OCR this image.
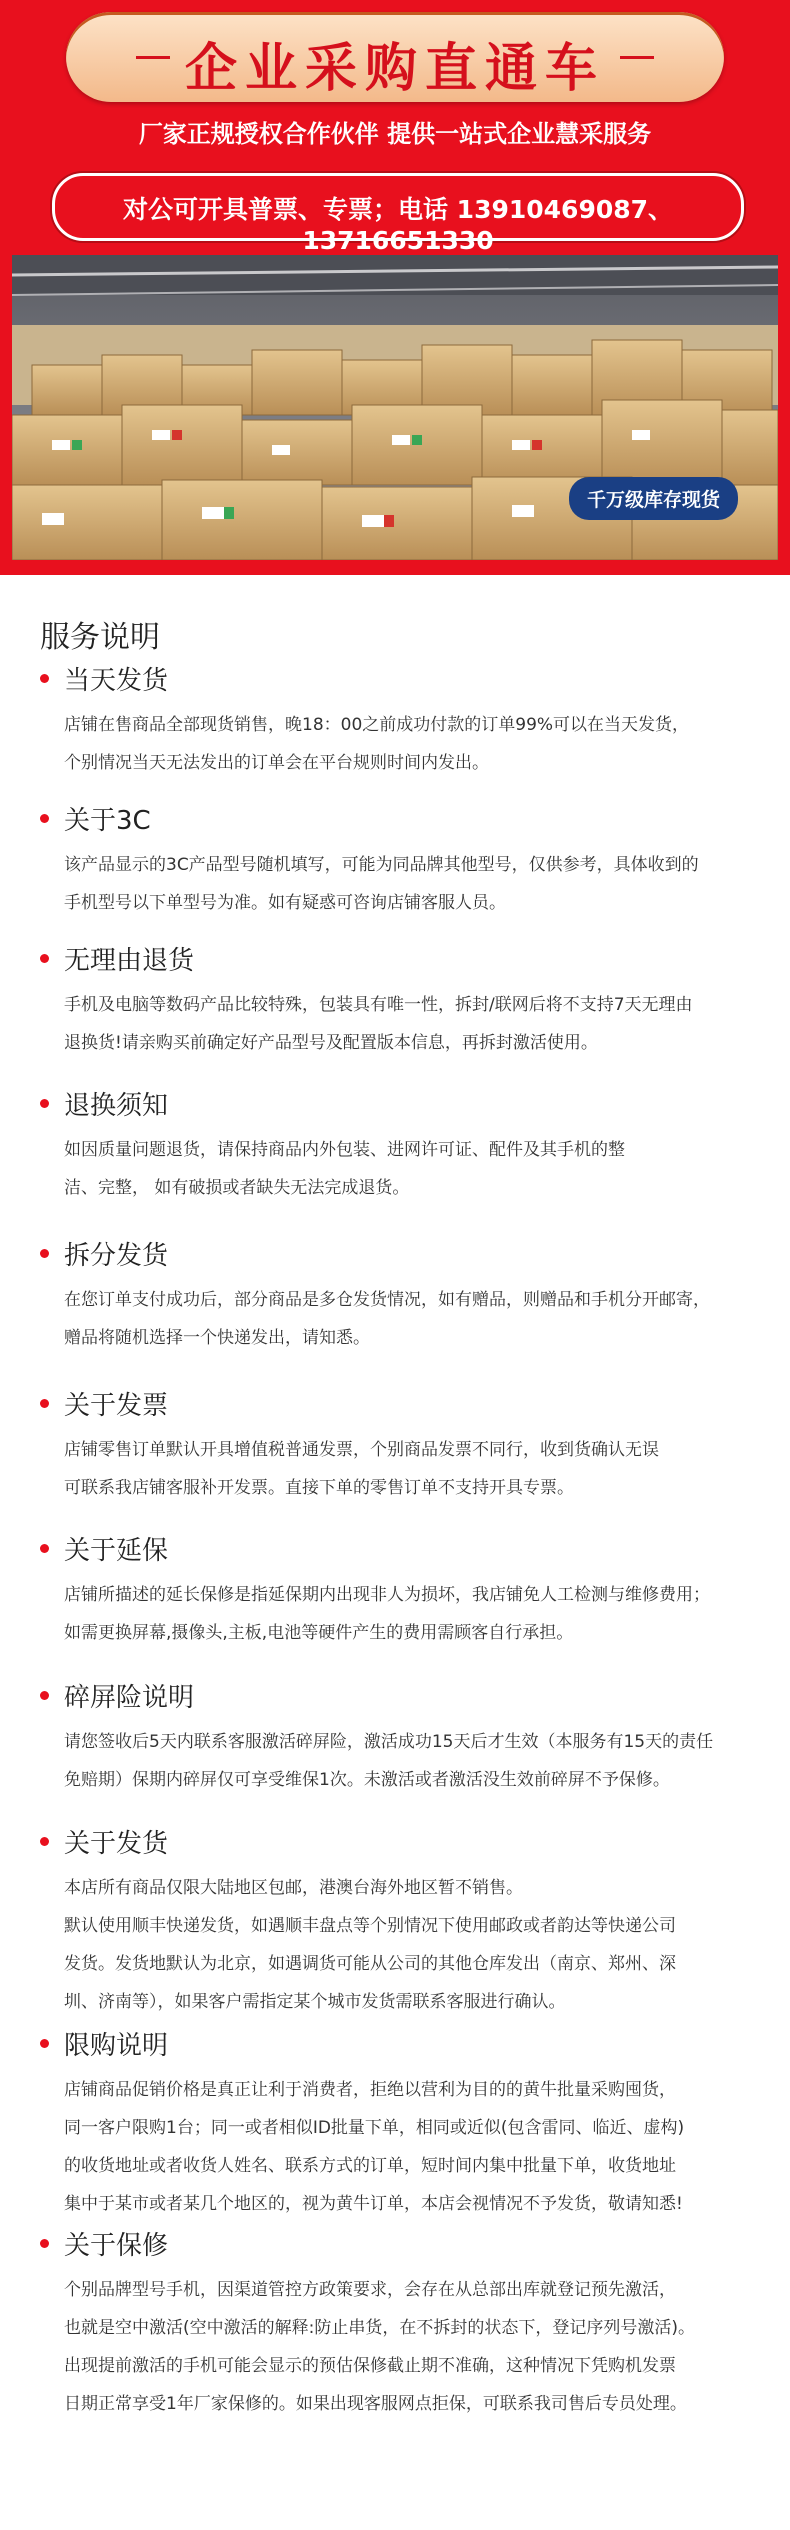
企业采购直通车
厂家正规授权合作伙伴 提供一站式企业慧采服务
对公可开具普票、专票；电话 13910469087、13716651330
千万级库存现货
服务说明
当天发货

店铺在售商品全部现货销售，晚18：00之前成功付款的订单99%可以在当天发货，

个别情况当天无法发出的订单会在平台规则时间内发出。

关于3C

该产品显示的3C产品型号随机填写，可能为同品牌其他型号，仅供参考，具体收到的

手机型号以下单型号为准。如有疑惑可咨询店铺客服人员。

无理由退货

手机及电脑等数码产品比较特殊，包装具有唯一性，拆封/联网后将不支持7天无理由

退换货!请亲购买前确定好产品型号及配置版本信息，再拆封激活使用。

退换须知

如因质量问题退货，请保持商品内外包装、进网许可证、配件及其手机的整

洁、完整， 如有破损或者缺失无法完成退货。

拆分发货

在您订单支付成功后，部分商品是多仓发货情况，如有赠品，则赠品和手机分开邮寄，

赠品将随机选择一个快递发出，请知悉。

关于发票

店铺零售订单默认开具增值税普通发票，个别商品发票不同行，收到货确认无误

可联系我店铺客服补开发票。直接下单的零售订单不支持开具专票。

关于延保

店铺所描述的延长保修是指延保期内出现非人为损坏，我店铺免人工检测与维修费用；

如需更换屏幕,摄像头,主板,电池等硬件产生的费用需顾客自行承担。

碎屏险说明

请您签收后5天内联系客服激活碎屏险，激活成功15天后才生效（本服务有15天的责任

免赔期）保期内碎屏仅可享受维保1次。未激活或者激活没生效前碎屏不予保修。

关于发货

本店所有商品仅限大陆地区包邮，港澳台海外地区暂不销售。

默认使用顺丰快递发货，如遇顺丰盘点等个别情况下使用邮政或者韵达等快递公司

发货。发货地默认为北京，如遇调货可能从公司的其他仓库发出（南京、郑州、深

圳、济南等），如果客户需指定某个城市发货需联系客服进行确认。

限购说明

店铺商品促销价格是真正让利于消费者，拒绝以营利为目的的黄牛批量采购囤货，

同一客户限购1台；同一或者相似ID批量下单，相同或近似(包含雷同、临近、虚构)

的收货地址或者收货人姓名、联系方式的订单，短时间内集中批量下单，收货地址

集中于某市或者某几个地区的，视为黄牛订单，本店会视情况不予发货，敬请知悉!

关于保修

个别品牌型号手机，因渠道管控方政策要求，会存在从总部出库就登记预先激活，

也就是空中激活(空中激活的解释:防止串货，在不拆封的状态下，登记序列号激活)。

出现提前激活的手机可能会显示的预估保修截止期不准确，这种情况下凭购机发票

日期正常享受1年厂家保修的。如果出现客服网点拒保，可联系我司售后专员处理。
